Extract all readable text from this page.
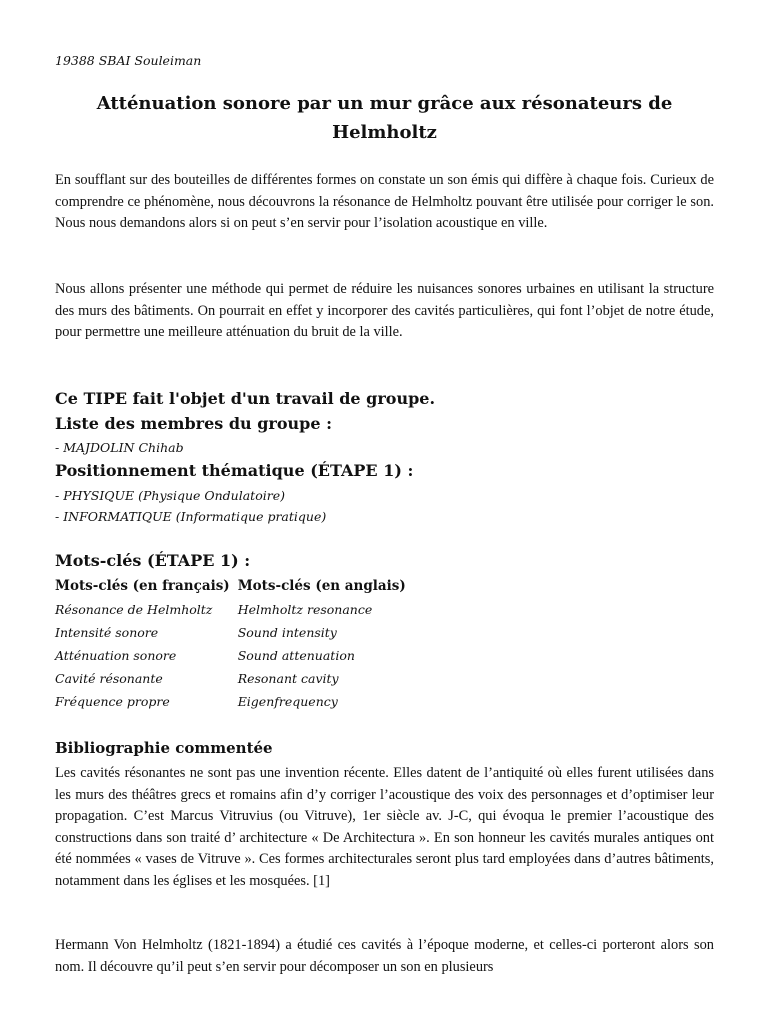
19388 SBAI Souleiman
Atténuation sonore par un mur grâce aux résonateurs de Helmholtz

En soufflant sur des bouteilles de différentes formes on constate un son émis qui diffère à chaque fois. Curieux de comprendre ce phénomène, nous découvrons la résonance de Helmholtz pouvant être utilisée pour corriger le son. Nous nous demandons alors si on peut s’en servir pour l’isolation acoustique en ville.

Nous allons présenter une méthode qui permet de réduire les nuisances sonores urbaines en utilisant la structure des murs des bâtiments. On pourrait en effet y incorporer des cavités particulières, qui font l’objet de notre étude, pour permettre une meilleure atténuation du bruit de la ville.

Ce TIPE fait l'objet d'un travail de groupe.
Liste des membres du groupe :
- MAJDOLIN Chihab
Positionnement thématique (ÉTAPE 1) :
- PHYSIQUE (Physique Ondulatoire)
- INFORMATIQUE (Informatique pratique)
Mots-clés (ÉTAPE 1) :
Mots-clés (en français)	Mots-clés (en anglais)
Résonance de Helmholtz	Helmholtz resonance
Intensité sonore	Sound intensity
Atténuation sonore	Sound attenuation
Cavité résonante	Resonant cavity
Fréquence propre	Eigenfrequency
Bibliographie commentée

Les cavités résonantes ne sont pas une invention récente. Elles datent de l’antiquité où elles furent utilisées dans les murs des théâtres grecs et romains afin d’y corriger l’acoustique des voix des personnages et d’optimiser leur propagation. C’est Marcus Vitruvius (ou Vitruve), 1er siècle av. J-C, qui évoqua le premier l’acoustique des constructions dans son traité d’ architecture « De Architectura ». En son honneur les cavités murales antiques ont été nommées « vases de Vitruve ». Ces formes architecturales seront plus tard employées dans d’autres bâtiments, notamment dans les églises et les mosquées. [1]

Hermann Von Helmholtz (1821-1894) a étudié ces cavités à l’époque moderne, et celles-ci porteront alors son nom. Il découvre qu’il peut s’en servir pour décomposer un son en plusieurs
